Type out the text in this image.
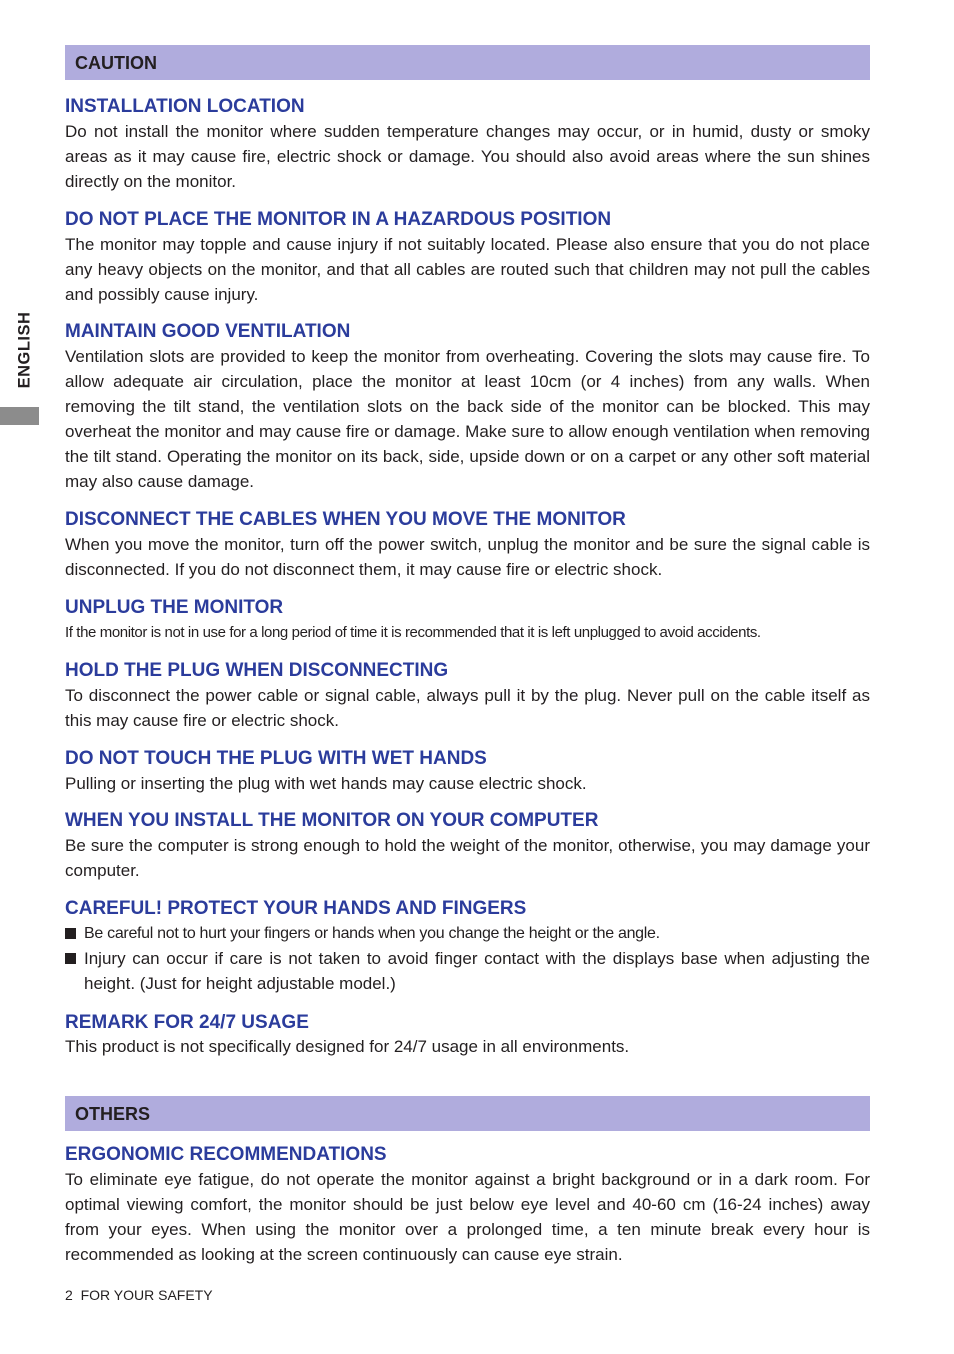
ENGLISH
CAUTION
INSTALLATION LOCATION
Do not install the monitor where sudden temperature changes may occur, or in humid, dusty or smoky areas as it may cause fire, electric shock or damage. You should also avoid areas where the sun shines directly on the monitor.
DO NOT PLACE THE MONITOR IN A HAZARDOUS POSITION
The monitor may topple and cause injury if not suitably located. Please also ensure that you do not place any heavy objects on the monitor, and that all cables are routed such that children may not pull the cables and possibly cause injury.
MAINTAIN GOOD VENTILATION
Ventilation slots are provided to keep the monitor from overheating. Covering the slots may cause fire. To allow adequate air circulation, place the monitor at least 10cm (or 4 inches) from any walls. When removing the tilt stand, the ventilation slots on the back side of the monitor can be blocked. This may overheat the monitor and may cause fire or damage. Make sure to allow enough ventilation when removing the tilt stand. Operating the monitor on its back, side, upside down or on a carpet or any other soft material may also cause damage.
DISCONNECT THE CABLES WHEN YOU MOVE THE MONITOR
When you move the monitor, turn off the power switch, unplug the monitor and be sure the signal cable is disconnected. If you do not disconnect them, it may cause fire or electric shock.
UNPLUG THE MONITOR
If the monitor is not in use for a long period of time it is recommended that it is left unplugged to avoid accidents.
HOLD THE PLUG WHEN DISCONNECTING
To disconnect the power cable or signal cable, always pull it by the plug. Never pull on the cable itself as this may cause fire or electric shock.
DO NOT TOUCH THE PLUG WITH WET HANDS
Pulling or inserting the plug with wet hands may cause electric shock.
WHEN YOU INSTALL THE MONITOR ON YOUR COMPUTER
Be sure the computer is strong enough to hold the weight of the monitor, otherwise, you may damage your computer.
CAREFUL! PROTECT YOUR HANDS AND FINGERS
Be careful not to hurt your fingers or hands when you change the height or the angle.
Injury can occur if care is not taken to avoid finger contact with the displays base when adjusting the height. (Just for height adjustable model.)
REMARK FOR 24/7 USAGE
This product is not specifically designed for 24/7 usage in all environments.
OTHERS
ERGONOMIC RECOMMENDATIONS
To eliminate eye fatigue, do not operate the monitor against a bright background or in a dark room. For optimal viewing comfort, the monitor should be just below eye level and 40-60 cm (16-24 inches) away from your eyes. When using the monitor over a prolonged time, a ten minute break every hour is recommended as looking at the screen continuously can cause eye strain.
2 FOR YOUR SAFETY
